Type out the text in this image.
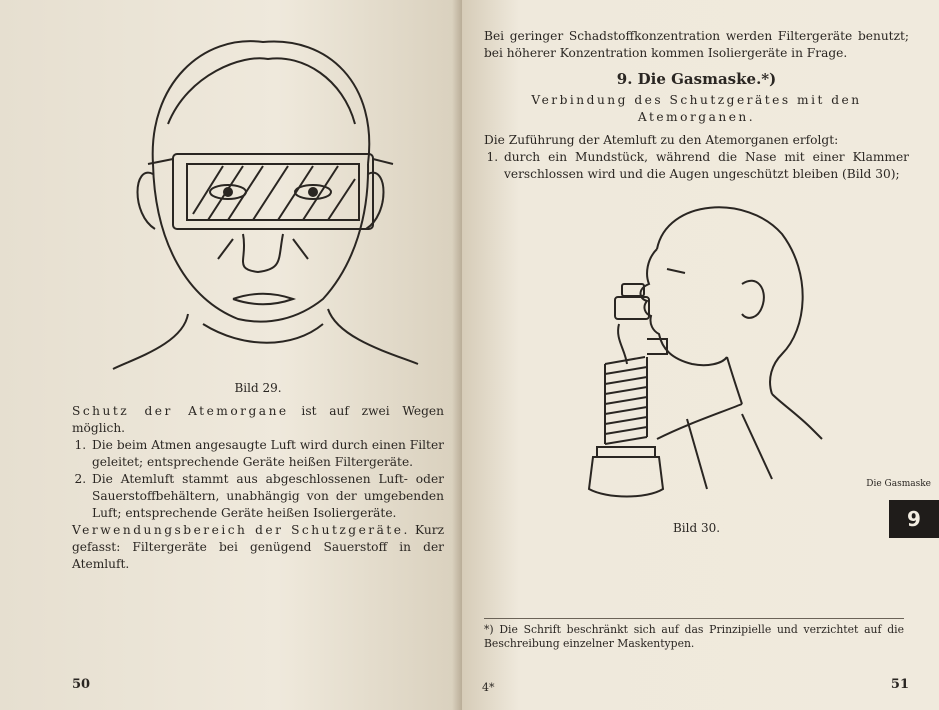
Bild 29.

Schutz der Atemorgane ist auf zwei Wegen möglich.

1. Die beim Atmen angesaugte Luft wird durch einen Filter geleitet; entsprechende Geräte heißen Filtergeräte.
2. Die Atemluft stammt aus abgeschlossenen Luft- oder Sauerstoffbehältern, unabhängig von der umgebenden Luft; entsprechende Geräte heißen Isoliergeräte.

Verwendungsbereich der Schutzgeräte. Kurz gefasst: Filtergeräte bei genügend Sauerstoff in der Atemluft.

50

Bei geringer Schadstoffkonzentration werden Filtergeräte benutzt; bei höherer Konzentration kommen Isoliergeräte in Frage.

9. Die Gasmaske.*)
Verbindung des Schutzgerätes mit den Atemorganen.

Die Zuführung der Atemluft zu den Atemorganen erfolgt:

1. durch ein Mundstück, während die Nase mit einer Klammer verschlossen wird und die Augen ungeschützt bleiben (Bild 30);
Bild 30.
*) Die Schrift beschränkt sich auf das Prinzipielle und verzichtet auf die Beschreibung einzelner Maskentypen.
51
4*
Die Gasmaske
9
